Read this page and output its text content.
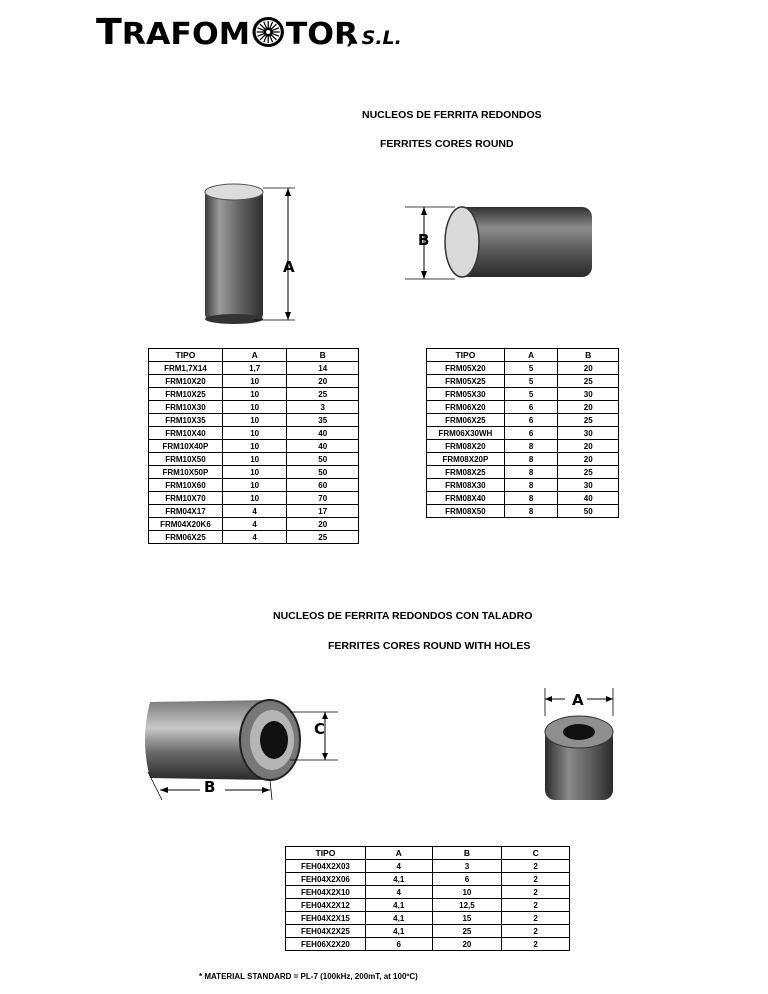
TRAFOM TOR
, S.L.
NUCLEOS DE FERRITA REDONDOS
FERRITES CORES ROUND
A
B
TIPO	A	B
FRM1,7X14	1,7	14
FRM10X20	10	20
FRM10X25	10	25
FRM10X30	10	3
FRM10X35	10	35
FRM10X40	10	40
FRM10X40P	10	40
FRM10X50	10	50
FRM10X50P	10	50
FRM10X60	10	60
FRM10X70	10	70
FRM04X17	4	17
FRM04X20K6	4	20
FRM06X25	4	25
TIPO	A	B
FRM05X20	5	20
FRM05X25	5	25
FRM05X30	5	30
FRM06X20	6	20
FRM06X25	6	25
FRM06X30WH	6	30
FRM08X20	8	20
FRM08X20P	8	20
FRM08X25	8	25
FRM08X30	8	30
FRM08X40	8	40
FRM08X50	8	50
NUCLEOS DE FERRITA REDONDOS CON TALADRO
FERRITES CORES ROUND WITH HOLES
C
B
A
TIPO	A	B	C
FEH04X2X03	4	3	2
FEH04X2X06	4,1	6	2
FEH04X2X10	4	10	2
FEH04X2X12	4,1	12,5	2
FEH04X2X15	4,1	15	2
FEH04X2X25	4,1	25	2
FEH06X2X20	6	20	2
* MATERIAL STANDARD = PL-7 (100kHz, 200mT, at 100ºC)
